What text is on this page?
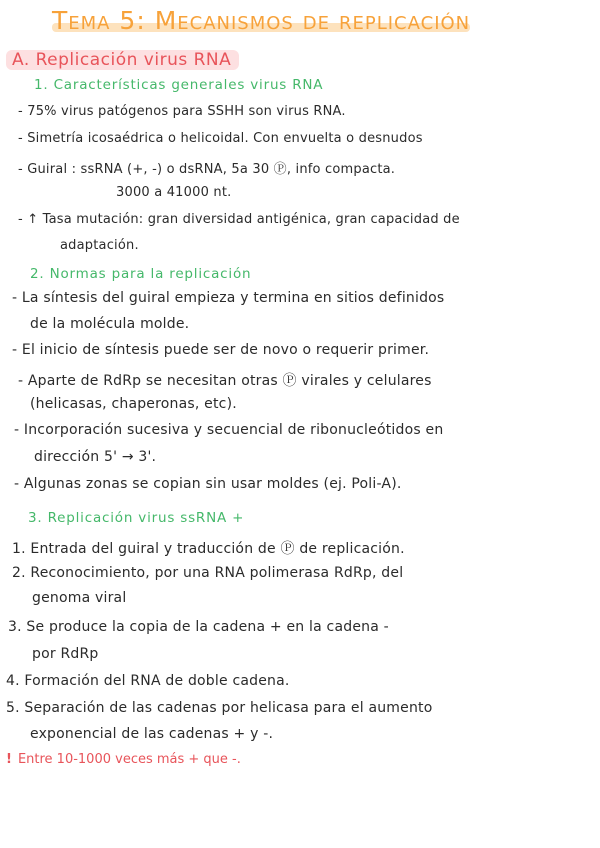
Tema 5: Mecanismos de replicación
A. Replicación virus RNA
1. Características generales virus RNA
- 75% virus patógenos para SSHH son virus RNA.
- Simetría icosaédrica o helicoidal. Con envuelta o desnudos
- Guiral : ssRNA (+, -) o dsRNA, 5a 30 Ⓟ, info compacta.
3000 a 41000 nt.
- ↑ Tasa mutación: gran diversidad antigénica, gran capacidad de
adaptación.
2. Normas para la replicación
- La síntesis del guiral empieza y termina en sitios definidos
de la molécula molde.
- El inicio de síntesis puede ser de novo o requerir primer.
- Aparte de RdRp se necesitan otras Ⓟ virales y celulares
(helicasas, chaperonas, etc).
- Incorporación sucesiva y secuencial de ribonucleótidos en
dirección 5' → 3'.
- Algunas zonas se copian sin usar moldes (ej. Poli-A).
3. Replicación virus ssRNA +
1. Entrada del guiral y traducción de Ⓟ de replicación.
2. Reconocimiento, por una RNA polimerasa RdRp, del
genoma viral
3. Se produce la copia de la cadena + en la cadena -
por RdRp
4. Formación del RNA de doble cadena.
5. Separación de las cadenas por helicasa para el aumento
exponencial de las cadenas + y -.
! Entre 10-1000 veces más + que -.
